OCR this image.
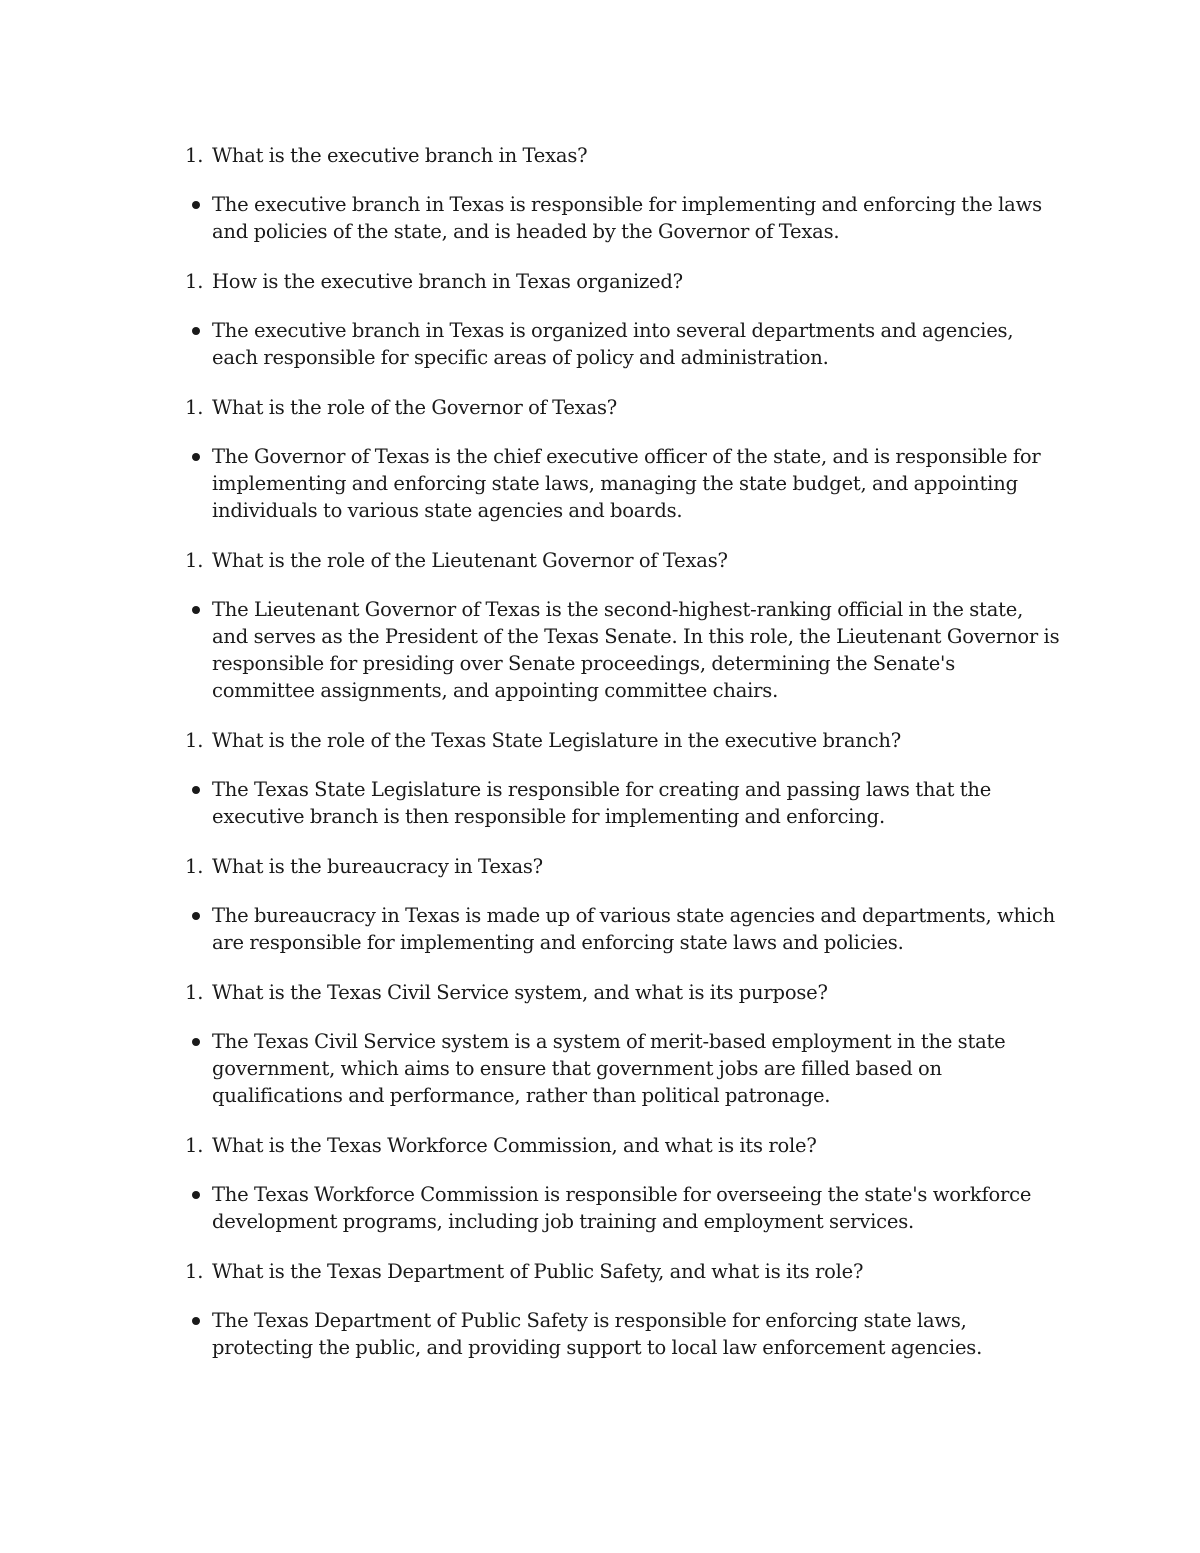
1. What is the executive branch in Texas?
The executive branch in Texas is responsible for implementing and enforcing the laws and policies of the state, and is headed by the Governor of Texas.
1. How is the executive branch in Texas organized?
The executive branch in Texas is organized into several departments and agencies, each responsible for specific areas of policy and administration.
1. What is the role of the Governor of Texas?
The Governor of Texas is the chief executive officer of the state, and is responsible for implementing and enforcing state laws, managing the state budget, and appointing individuals to various state agencies and boards.
1. What is the role of the Lieutenant Governor of Texas?
The Lieutenant Governor of Texas is the second-highest-ranking official in the state, and serves as the President of the Texas Senate. In this role, the Lieutenant Governor is responsible for presiding over Senate proceedings, determining the Senate's committee assignments, and appointing committee chairs.
1. What is the role of the Texas State Legislature in the executive branch?
The Texas State Legislature is responsible for creating and passing laws that the executive branch is then responsible for implementing and enforcing.
1. What is the bureaucracy in Texas?
The bureaucracy in Texas is made up of various state agencies and departments, which are responsible for implementing and enforcing state laws and policies.
1. What is the Texas Civil Service system, and what is its purpose?
The Texas Civil Service system is a system of merit-based employment in the state government, which aims to ensure that government jobs are filled based on qualifications and performance, rather than political patronage.
1. What is the Texas Workforce Commission, and what is its role?
The Texas Workforce Commission is responsible for overseeing the state's workforce development programs, including job training and employment services.
1. What is the Texas Department of Public Safety, and what is its role?
The Texas Department of Public Safety is responsible for enforcing state laws, protecting the public, and providing support to local law enforcement agencies.
